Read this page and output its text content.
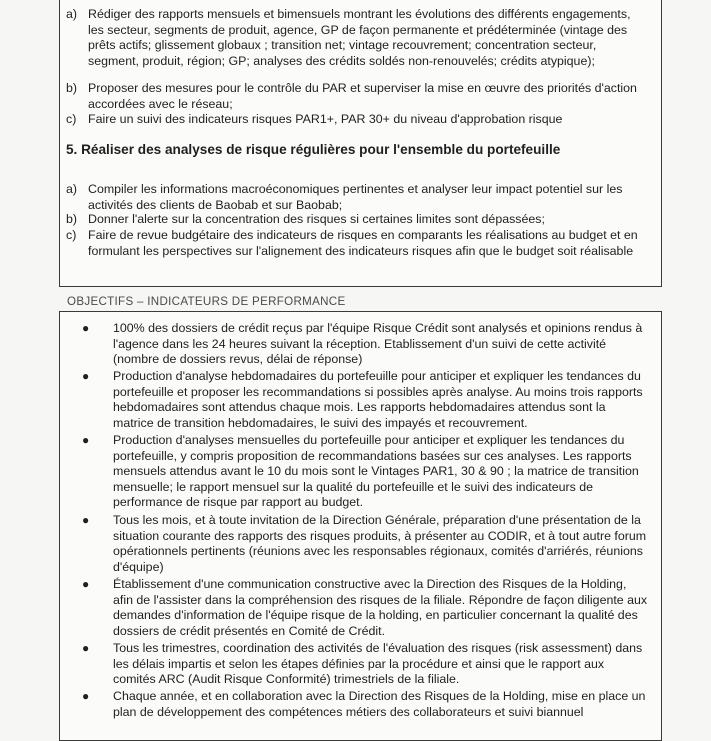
a) Rédiger des rapports mensuels et bimensuels montrant les évolutions des différents engagements, les secteur, segments de produit, agence, GP de façon permanente et prédéterminée (vintage des prêts actifs; glissement globaux ; transition net; vintage recouvrement; concentration secteur, segment, produit, région; GP; analyses des crédits soldés non-renouvelés; crédits atypique);
b) Proposer des mesures pour le contrôle du PAR et superviser la mise en œuvre des priorités d'action accordées avec le réseau;
c) Faire un suivi des indicateurs risques PAR1+, PAR 30+ du niveau d'approbation risque
5. Réaliser des analyses de risque régulières pour l'ensemble du portefeuille
a) Compiler les informations macroéconomiques pertinentes et analyser leur impact potentiel sur les activités des clients de Baobab et sur Baobab;
b) Donner l'alerte sur la concentration des risques si certaines limites sont dépassées;
c) Faire de revue budgétaire des indicateurs de risques en comparants les réalisations au budget et en formulant les perspectives sur l'alignement des indicateurs risques afin que le budget soit réalisable
OBJECTIFS – INDICATEURS DE PERFORMANCE
● 100% des dossiers de crédit reçus par l'équipe Risque Crédit sont analysés et opinions rendus à l'agence dans les 24 heures suivant la réception. Etablissement d'un suivi de cette activité (nombre de dossiers revus, délai de réponse)
● Production d'analyse hebdomadaires du portefeuille pour anticiper et expliquer les tendances du portefeuille et proposer les recommandations si possibles après analyse. Au moins trois rapports hebdomadaires sont attendus chaque mois. Les rapports hebdomadaires attendus sont la matrice de transition hebdomadaires, le suivi des impayés et recouvrement.
● Production d'analyses mensuelles du portefeuille pour anticiper et expliquer les tendances du portefeuille, y compris proposition de recommandations basées sur ces analyses. Les rapports mensuels attendus avant le 10 du mois sont le Vintages PAR1, 30 & 90 ; la matrice de transition mensuelle; le rapport mensuel sur la qualité du portefeuille et le suivi des indicateurs de performance de risque par rapport au budget.
● Tous les mois, et à toute invitation de la Direction Générale, préparation d'une présentation de la situation courante des rapports des risques produits, à présenter au CODIR, et à tout autre forum opérationnels pertinents (réunions avec les responsables régionaux, comités d'arriérés, réunions d'équipe)
● Établissement d'une communication constructive avec la Direction des Risques de la Holding, afin de l'assister dans la compréhension des risques de la filiale. Répondre de façon diligente aux demandes d'information de l'équipe risque de la holding, en particulier concernant la qualité des dossiers de crédit présentés en Comité de Crédit.
● Tous les trimestres, coordination des activités de l'évaluation des risques (risk assessment) dans les délais impartis et selon les étapes définies par la procédure et ainsi que le rapport aux comités ARC (Audit Risque Conformité) trimestriels de la filiale.
● Chaque année, et en collaboration avec la Direction des Risques de la Holding, mise en place un plan de développement des compétences métiers des collaborateurs et suivi biannuel
